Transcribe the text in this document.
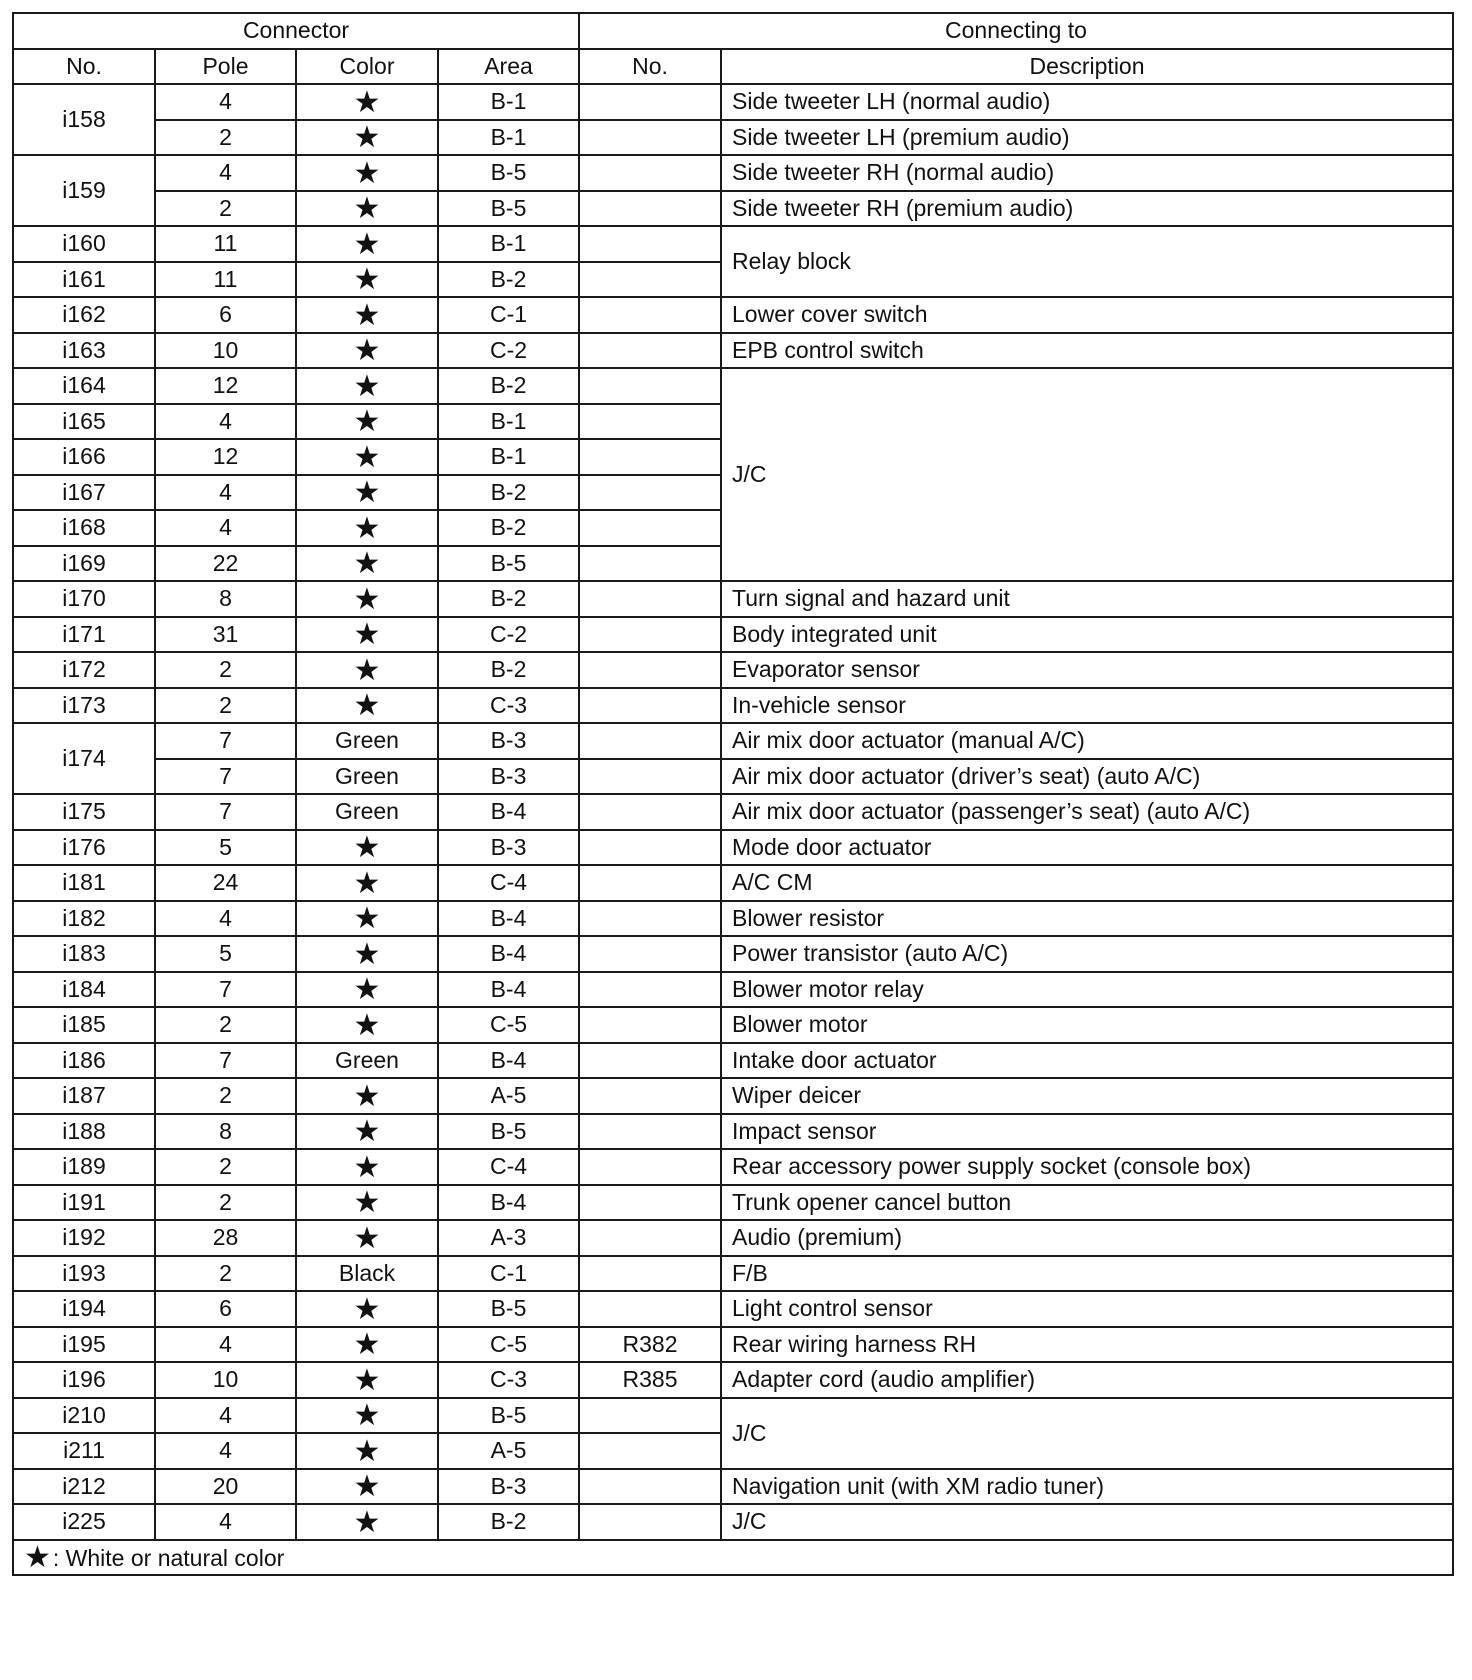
Connector				Connecting to	
No.	Pole	Color	Area	No.	Description
i158	4	★	B-1		Side tweeter LH (normal audio)
	2	★	B-1		Side tweeter LH (premium audio)
i159	4	★	B-5		Side tweeter RH (normal audio)
	2	★	B-5		Side tweeter RH (premium audio)
i160	11	★	B-1		Relay block
i161	11	★	B-2		
i162	6	★	C-1		Lower cover switch
i163	10	★	C-2		EPB control switch
i164	12	★	B-2		J/C
i165	4	★	B-1		
i166	12	★	B-1		
i167	4	★	B-2		
i168	4	★	B-2		
i169	22	★	B-5		
i170	8	★	B-2		Turn signal and hazard unit
i171	31	★	C-2		Body integrated unit
i172	2	★	B-2		Evaporator sensor
i173	2	★	C-3		In-vehicle sensor
i174	7	Green	B-3		Air mix door actuator (manual A/C)
	7	Green	B-3		Air mix door actuator (driver’s seat) (auto A/C)
i175	7	Green	B-4		Air mix door actuator (passenger’s seat) (auto A/C)
i176	5	★	B-3		Mode door actuator
i181	24	★	C-4		A/C CM
i182	4	★	B-4		Blower resistor
i183	5	★	B-4		Power transistor (auto A/C)
i184	7	★	B-4		Blower motor relay
i185	2	★	C-5		Blower motor
i186	7	Green	B-4		Intake door actuator
i187	2	★	A-5		Wiper deicer
i188	8	★	B-5		Impact sensor
i189	2	★	C-4		Rear accessory power supply socket (console box)
i191	2	★	B-4		Trunk opener cancel button
i192	28	★	A-3		Audio (premium)
i193	2	Black	C-1		F/B
i194	6	★	B-5		Light control sensor
i195	4	★	C-5	R382	Rear wiring harness RH
i196	10	★	C-3	R385	Adapter cord (audio amplifier)
i210	4	★	B-5		J/C
i211	4	★	A-5		
i212	20	★	B-3		Navigation unit (with XM radio tuner)
i225	4	★	B-2		J/C
★: White or natural color					
